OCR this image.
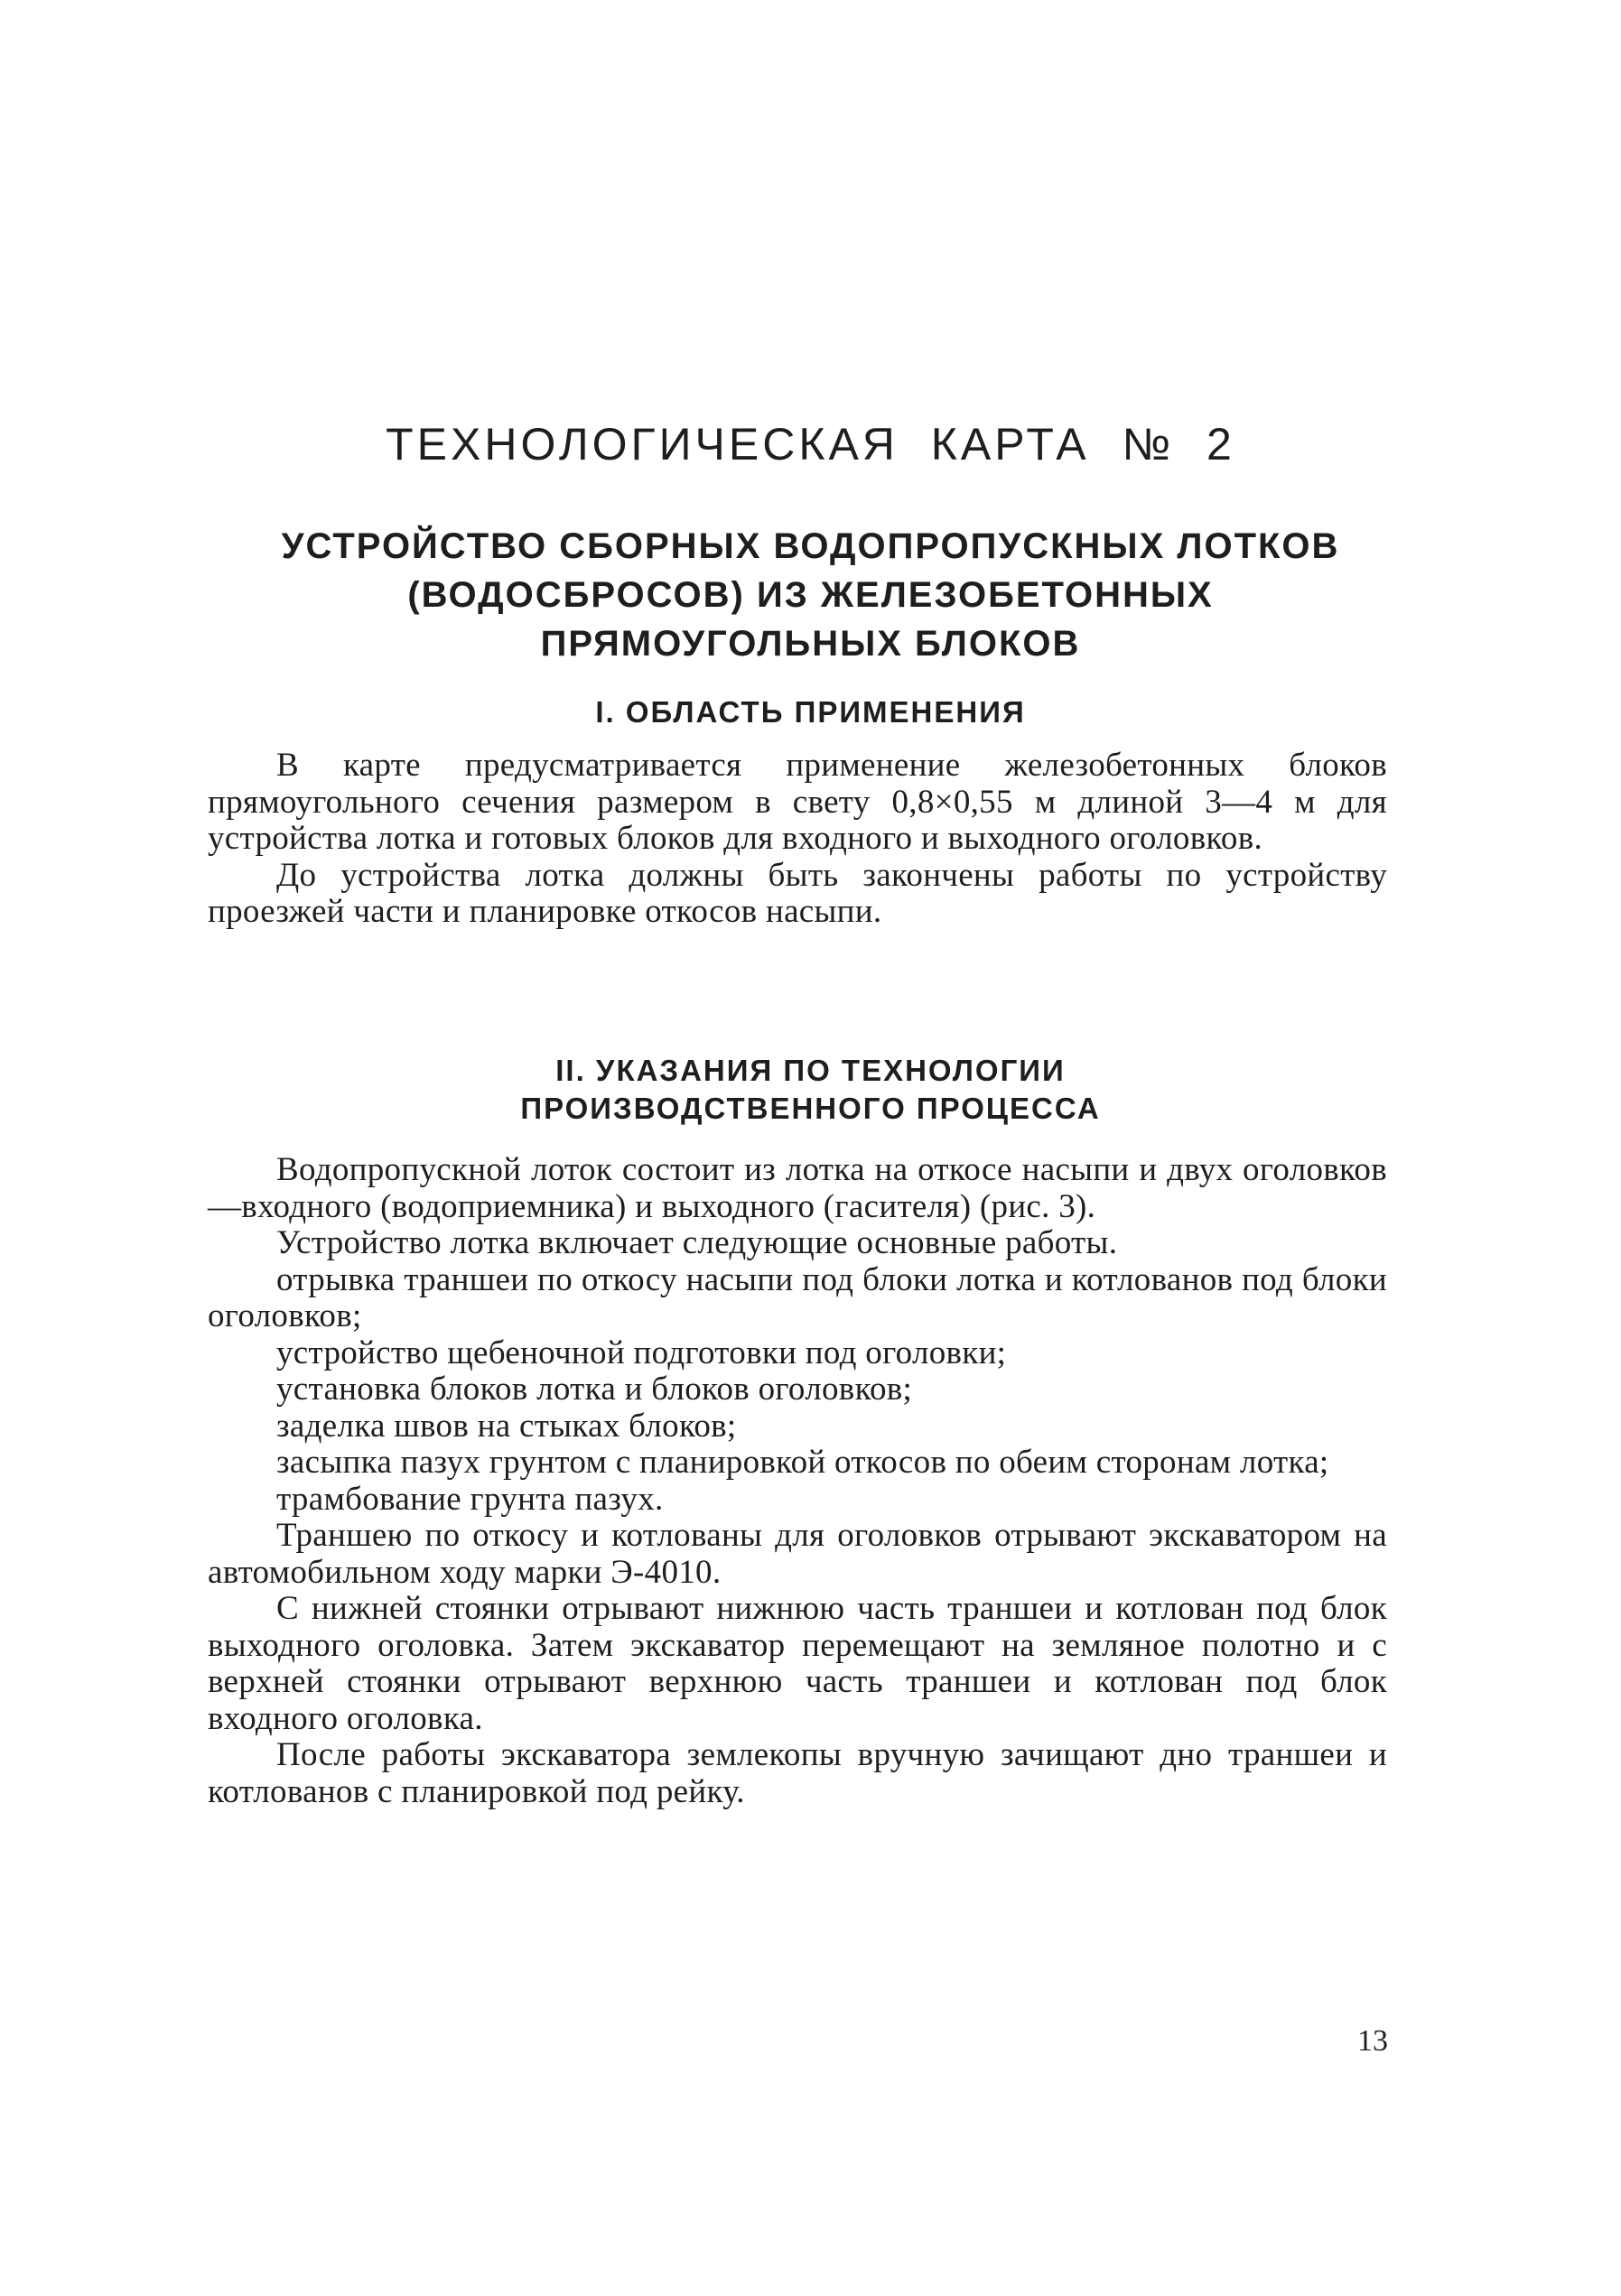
ТЕХНОЛОГИЧЕСКАЯ КАРТА № 2
УСТРОЙСТВО СБОРНЫХ ВОДОПРОПУСКНЫХ ЛОТКОВ
(ВОДОСБРОСОВ) ИЗ ЖЕЛЕЗОБЕТОННЫХ
ПРЯМОУГОЛЬНЫХ БЛОКОВ
I. ОБЛАСТЬ ПРИМЕНЕНИЯ

В карте предусматривается применение железобетонных блоков прямоугольного сечения размером в свету 0,8×0,55 м длиной 3—4 м для устройства лотка и готовых блоков для входного и выходного оголовков.

До устройства лотка должны быть закончены работы по устройству проезжей части и планировке откосов насыпи.

II. УКАЗАНИЯ ПО ТЕХНОЛОГИИ
ПРОИЗВОДСТВЕННОГО ПРОЦЕССА

Водопропускной лоток состоит из лотка на откосе насыпи и двух оголовков—входного (водоприемника) и выходного (гасителя) (рис. 3).

Устройство лотка включает следующие основные работы.

отрывка траншеи по откосу насыпи под блоки лотка и котлованов под блоки оголовков;

устройство щебеночной подготовки под оголовки;

установка блоков лотка и блоков оголовков;

заделка швов на стыках блоков;

засыпка пазух грунтом с планировкой откосов по обеим сторонам лотка;

трамбование грунта пазух.

Траншею по откосу и котлованы для оголовков отрывают экскаватором на автомобильном ходу марки Э-4010.

С нижней стоянки отрывают нижнюю часть траншеи и котлован под блок выходного оголовка. Затем экскаватор перемещают на земляное полотно и с верхней стоянки отрывают верхнюю часть траншеи и котлован под блок входного оголовка.

После работы экскаватора землекопы вручную зачищают дно траншеи и котлованов с планировкой под рейку.

13
